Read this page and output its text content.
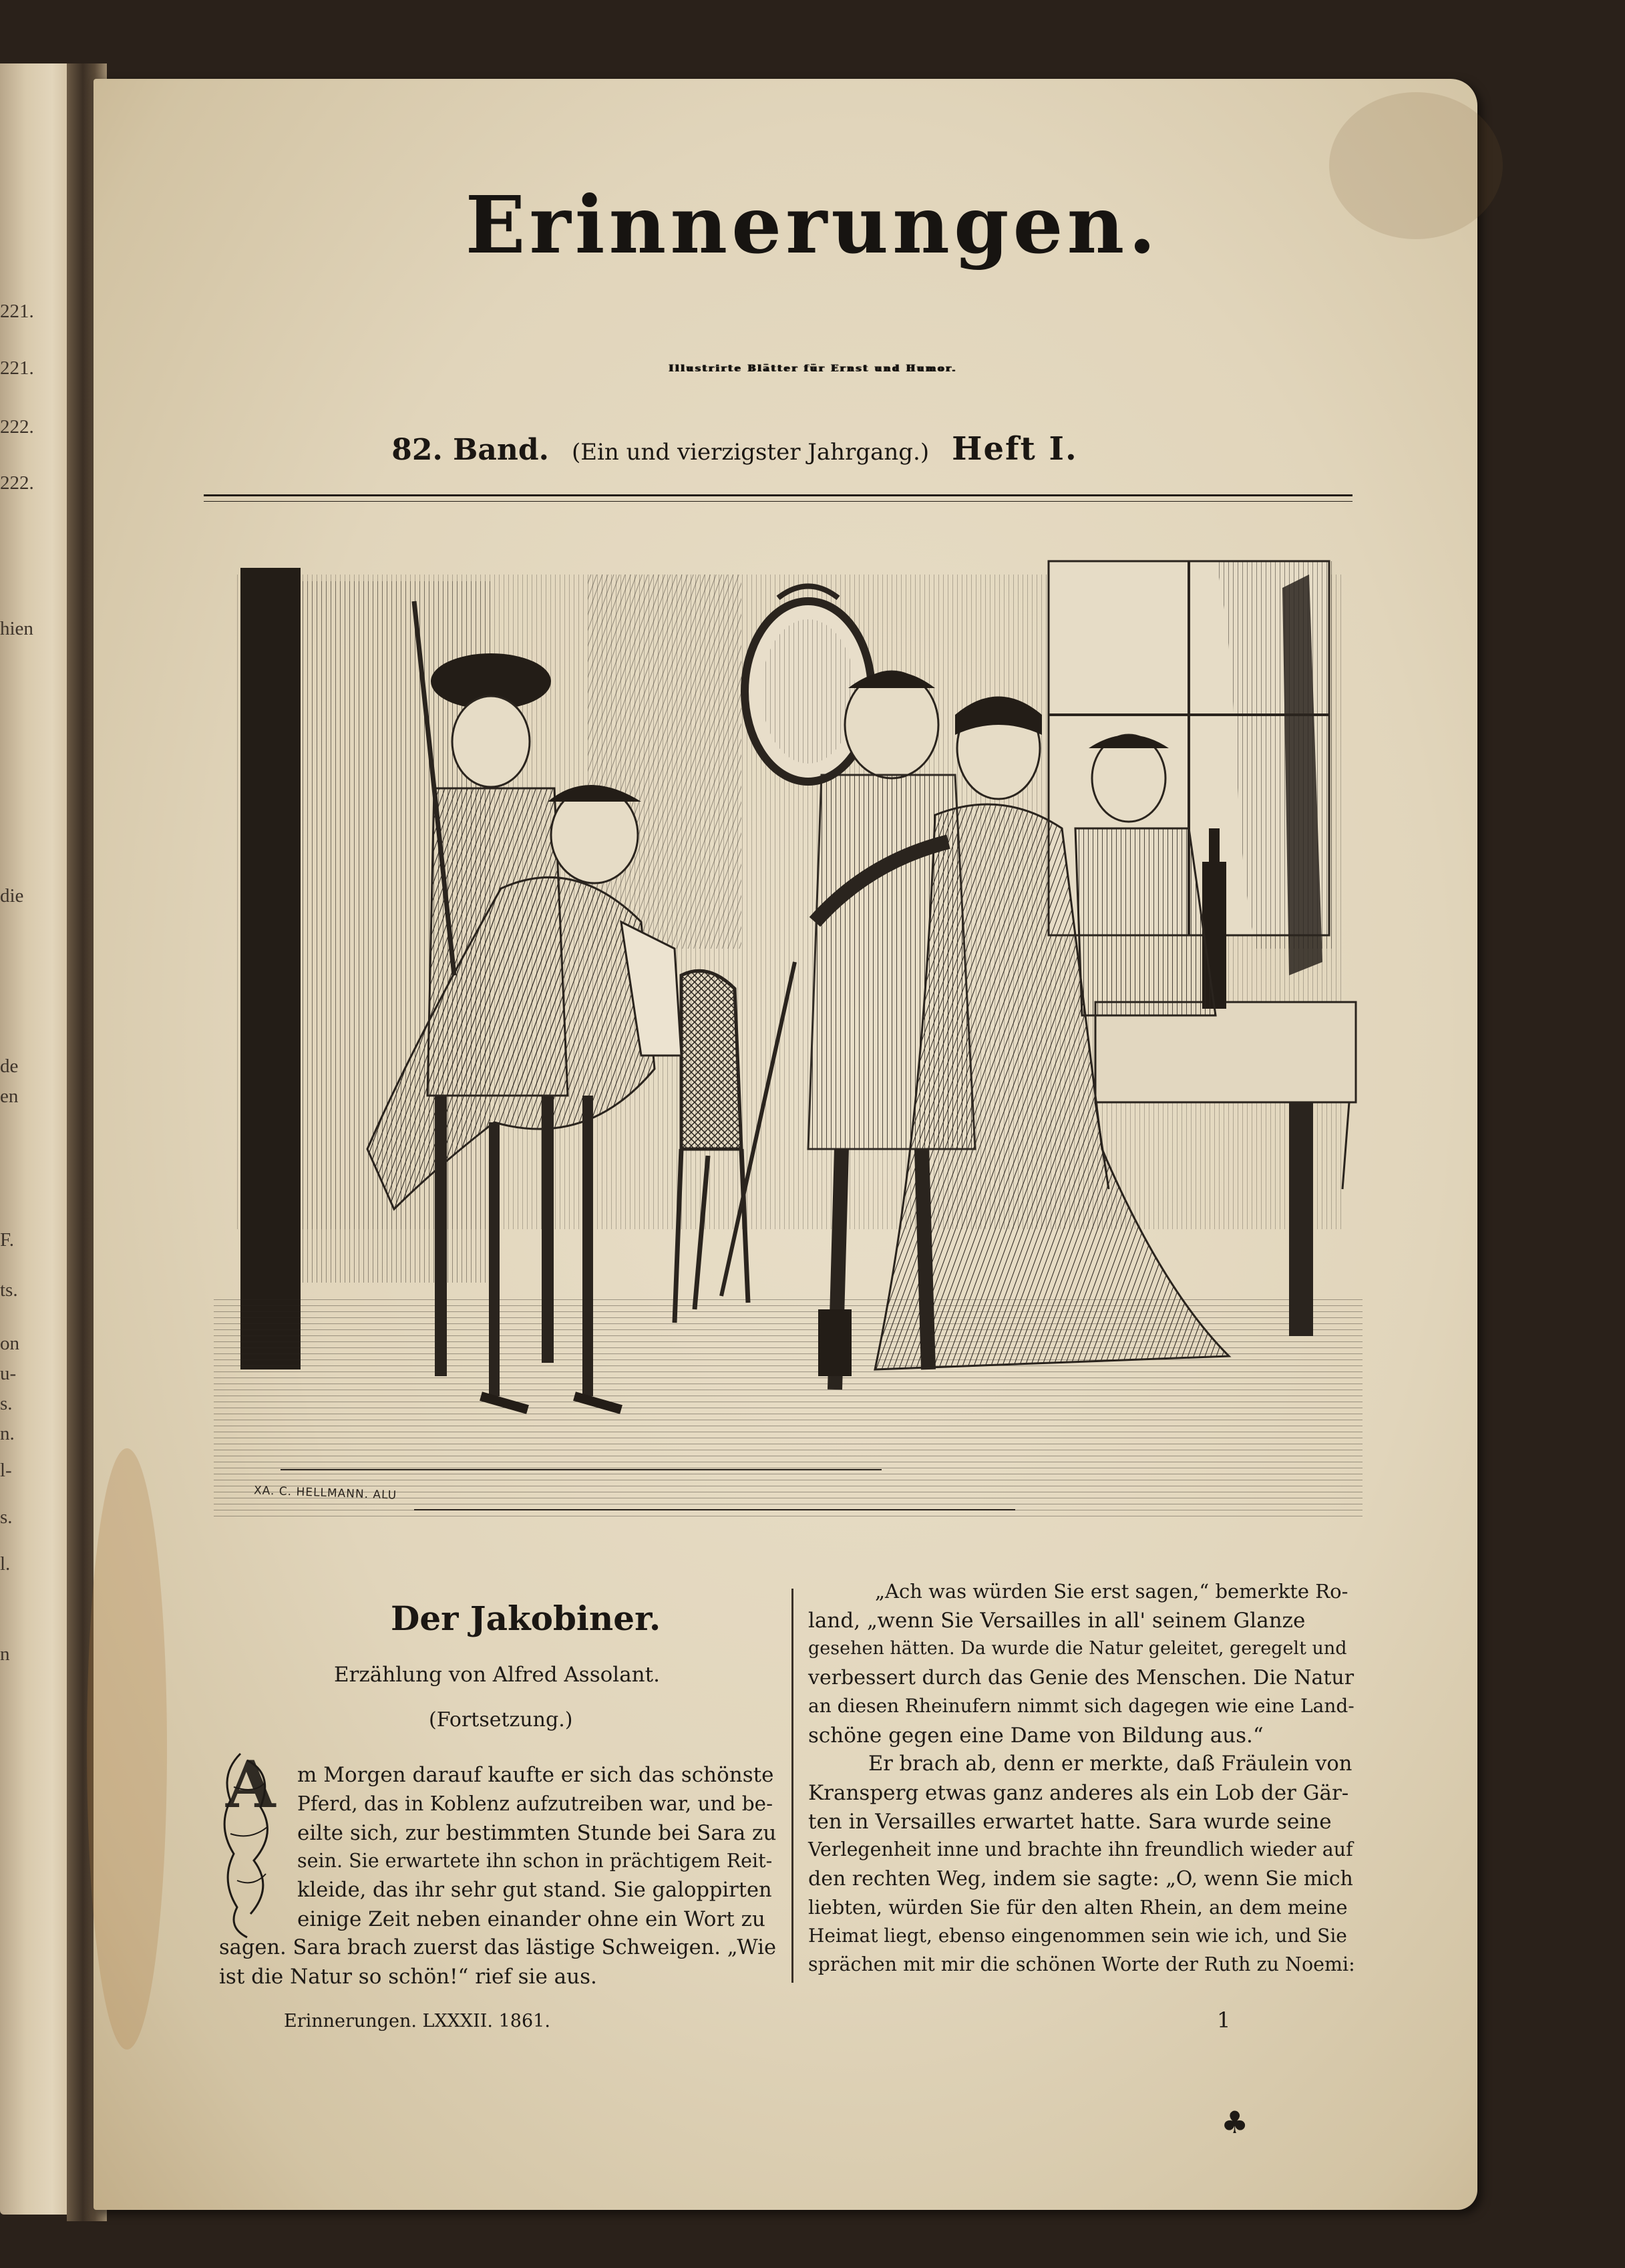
221.
221.
222.
222.
hien
die
de
en
F.
ts.
on
u-
s.
n.
l-
s.
l.
n
Erinnerungen.
Illustrirte Blätter für Ernst und Humor.
82. Band. (Ein und vierzigster Jahrgang.) Heft I.
XA. C. HELLMANN. ALU
Der Jakobiner.
Erzählung von Alfred Assolant.
(Fortsetzung.)
A m Morgen darauf kaufte er sich das schönste
Pferd, das in Koblenz aufzutreiben war, und be-
eilte sich, zur bestimmten Stunde bei Sara zu
sein. Sie erwartete ihn schon in prächtigem Reit-
kleide, das ihr sehr gut stand. Sie galoppirten
einige Zeit neben einander ohne ein Wort zu
sagen. Sara brach zuerst das lästige Schweigen. „Wie
ist die Natur so schön!“ rief sie aus.
„Ach was würden Sie erst sagen,“ bemerkte Ro-
land, „wenn Sie Versailles in all' seinem Glanze
gesehen hätten. Da wurde die Natur geleitet, geregelt und
verbessert durch das Genie des Menschen. Die Natur
an diesen Rheinufern nimmt sich dagegen wie eine Land-
schöne gegen eine Dame von Bildung aus.“
Er brach ab, denn er merkte, daß Fräulein von
Kransperg etwas ganz anderes als ein Lob der Gär-
ten in Versailles erwartet hatte. Sara wurde seine
Verlegenheit inne und brachte ihn freundlich wieder auf
den rechten Weg, indem sie sagte: „O, wenn Sie mich
liebten, würden Sie für den alten Rhein, an dem meine
Heimat liegt, ebenso eingenommen sein wie ich, und Sie
sprächen mit mir die schönen Worte der Ruth zu Noemi:
Erinnerungen. LXXXII. 1861.	1
♣
